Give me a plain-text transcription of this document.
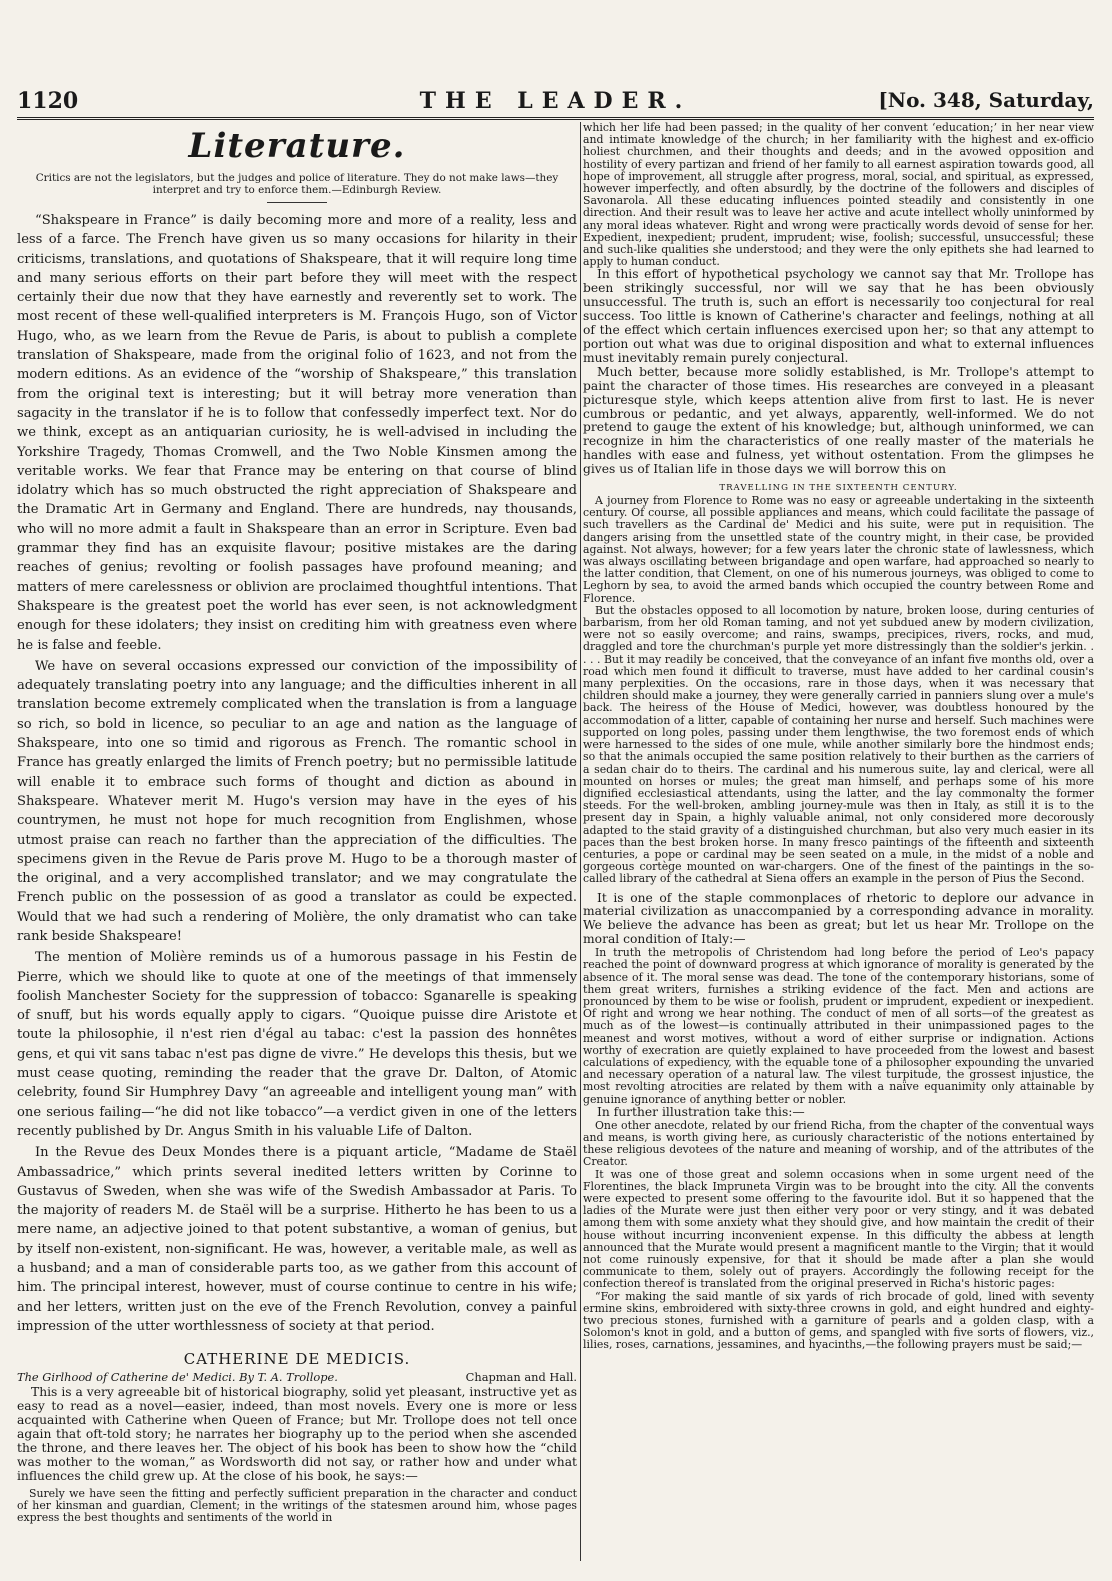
1120	THE LEADER.	[No. 348, Saturday,
Literature.
Critics are not the legislators, but the judges and police of literature. They do not make laws—they interpret and try to enforce them.—Edinburgh Review.

“Shakspeare in France” is daily becoming more and more of a reality, less and less of a farce. The French have given us so many occasions for hilarity in their criticisms, translations, and quotations of Shakspeare, that it will require long time and many serious efforts on their part before they will meet with the respect certainly their due now that they have earnestly and reverently set to work. The most recent of these well-qualified interpreters is M. François Hugo, son of Victor Hugo, who, as we learn from the Revue de Paris, is about to publish a complete translation of Shakspeare, made from the original folio of 1623, and not from the modern editions. As an evidence of the “worship of Shakspeare,” this translation from the original text is interesting; but it will betray more veneration than sagacity in the translator if he is to follow that confessedly imperfect text. Nor do we think, except as an antiquarian curiosity, he is well-advised in including the Yorkshire Tragedy, Thomas Cromwell, and the Two Noble Kinsmen among the veritable works. We fear that France may be entering on that course of blind idolatry which has so much obstructed the right appreciation of Shakspeare and the Dramatic Art in Germany and England. There are hundreds, nay thousands, who will no more admit a fault in Shakspeare than an error in Scripture. Even bad grammar they find has an exquisite flavour; positive mistakes are the daring reaches of genius; revolting or foolish passages have profound meaning; and matters of mere carelessness or oblivion are proclaimed thoughtful intentions. That Shakspeare is the greatest poet the world has ever seen, is not acknowledgment enough for these idolaters; they insist on crediting him with greatness even where he is false and feeble.

We have on several occasions expressed our conviction of the impossibility of adequately translating poetry into any language; and the difficulties inherent in all translation become extremely complicated when the translation is from a language so rich, so bold in licence, so peculiar to an age and nation as the language of Shakspeare, into one so timid and rigorous as French. The romantic school in France has greatly enlarged the limits of French poetry; but no permissible latitude will enable it to embrace such forms of thought and diction as abound in Shakspeare. Whatever merit M. Hugo's version may have in the eyes of his countrymen, he must not hope for much recognition from Englishmen, whose utmost praise can reach no farther than the appreciation of the difficulties. The specimens given in the Revue de Paris prove M. Hugo to be a thorough master of the original, and a very accomplished translator; and we may congratulate the French public on the possession of as good a translator as could be expected. Would that we had such a rendering of Molière, the only dramatist who can take rank beside Shakspeare!

The mention of Molière reminds us of a humorous passage in his Festin de Pierre, which we should like to quote at one of the meetings of that immensely foolish Manchester Society for the suppression of tobacco: Sganarelle is speaking of snuff, but his words equally apply to cigars. “Quoique puisse dire Aristote et toute la philosophie, il n'est rien d'égal au tabac: c'est la passion des honnêtes gens, et qui vit sans tabac n'est pas digne de vivre.” He develops this thesis, but we must cease quoting, reminding the reader that the grave Dr. Dalton, of Atomic celebrity, found Sir Humphrey Davy “an agreeable and intelligent young man” with one serious failing—“he did not like tobacco”—a verdict given in one of the letters recently published by Dr. Angus Smith in his valuable Life of Dalton.

In the Revue des Deux Mondes there is a piquant article, “Madame de Staël Ambassadrice,” which prints several inedited letters written by Corinne to Gustavus of Sweden, when she was wife of the Swedish Ambassador at Paris. To the majority of readers M. de Staël will be a surprise. Hitherto he has been to us a mere name, an adjective joined to that potent substantive, a woman of genius, but by itself non-existent, non-significant. He was, however, a veritable male, as well as a husband; and a man of considerable parts too, as we gather from this account of him. The principal interest, however, must of course continue to centre in his wife; and her letters, written just on the eve of the French Revolution, convey a painful impression of the utter worthlessness of society at that period.

CATHERINE DE MEDICIS.
The Girlhood of Catherine de' Medici. By T. A. Trollope.	Chapman and Hall.

This is a very agreeable bit of historical biography, solid yet pleasant, instructive yet as easy to read as a novel—easier, indeed, than most novels. Every one is more or less acquainted with Catherine when Queen of France; but Mr. Trollope does not tell once again that oft-told story; he narrates her biography up to the period when she ascended the throne, and there leaves her. The object of his book has been to show how the “child was mother to the woman,” as Wordsworth did not say, or rather how and under what influences the child grew up. At the close of his book, he says:—

Surely we have seen the fitting and perfectly sufficient preparation in the character and conduct of her kinsman and guardian, Clement; in the writings of the statesmen around him, whose pages express the best thoughts and sentiments of the world in

which her life had been passed; in the quality of her convent ‘education;’ in her near view and intimate knowledge of the church; in her familiarity with the highest and ex-officio holiest churchmen, and their thoughts and deeds; and in the avowed opposition and hostility of every partizan and friend of her family to all earnest aspiration towards good, all hope of improvement, all struggle after progress, moral, social, and spiritual, as expressed, however imperfectly, and often absurdly, by the doctrine of the followers and disciples of Savonarola. All these educating influences pointed steadily and consistently in one direction. And their result was to leave her active and acute intellect wholly uninformed by any moral ideas whatever. Right and wrong were practically words devoid of sense for her. Expedient, inexpedient; prudent, imprudent; wise, foolish; successful, unsuccessful; these and such-like qualities she understood; and they were the only epithets she had learned to apply to human conduct.

In this effort of hypothetical psychology we cannot say that Mr. Trollope has been strikingly successful, nor will we say that he has been obviously unsuccessful. The truth is, such an effort is necessarily too conjectural for real success. Too little is known of Catherine's character and feelings, nothing at all of the effect which certain influences exercised upon her; so that any attempt to portion out what was due to original disposition and what to external influences must inevitably remain purely conjectural.

Much better, because more solidly established, is Mr. Trollope's attempt to paint the character of those times. His researches are conveyed in a pleasant picturesque style, which keeps attention alive from first to last. He is never cumbrous or pedantic, and yet always, apparently, well-informed. We do not pretend to gauge the extent of his knowledge; but, although uninformed, we can recognize in him the characteristics of one really master of the materials he handles with ease and fulness, yet without ostentation. From the glimpses he gives us of Italian life in those days we will borrow this on

TRAVELLING IN THE SIXTEENTH CENTURY.

A journey from Florence to Rome was no easy or agreeable undertaking in the sixteenth century. Of course, all possible appliances and means, which could facilitate the passage of such travellers as the Cardinal de' Medici and his suite, were put in requisition. The dangers arising from the unsettled state of the country might, in their case, be provided against. Not always, however; for a few years later the chronic state of lawlessness, which was always oscillating between brigandage and open warfare, had approached so nearly to the latter condition, that Clement, on one of his numerous journeys, was obliged to come to Leghorn by sea, to avoid the armed bands which occupied the country between Rome and Florence.

But the obstacles opposed to all locomotion by nature, broken loose, during centuries of barbarism, from her old Roman taming, and not yet subdued anew by modern civilization, were not so easily overcome; and rains, swamps, precipices, rivers, rocks, and mud, draggled and tore the churchman's purple yet more distressingly than the soldier's jerkin. . . . . But it may readily be conceived, that the conveyance of an infant five months old, over a road which men found it difficult to traverse, must have added to her cardinal cousin's many perplexities. On the occasions, rare in those days, when it was necessary that children should make a journey, they were generally carried in panniers slung over a mule's back. The heiress of the House of Medici, however, was doubtless honoured by the accommodation of a litter, capable of containing her nurse and herself. Such machines were supported on long poles, passing under them lengthwise, the two foremost ends of which were harnessed to the sides of one mule, while another similarly bore the hindmost ends; so that the animals occupied the same position relatively to their burthen as the carriers of a sedan chair do to theirs. The cardinal and his numerous suite, lay and clerical, were all mounted on horses or mules; the great man himself, and perhaps some of his more dignified ecclesiastical attendants, using the latter, and the lay commonalty the former steeds. For the well-broken, ambling journey-mule was then in Italy, as still it is to the present day in Spain, a highly valuable animal, not only considered more decorously adapted to the staid gravity of a distinguished churchman, but also very much easier in its paces than the best broken horse. In many fresco paintings of the fifteenth and sixteenth centuries, a pope or cardinal may be seen seated on a mule, in the midst of a noble and gorgeous cortège mounted on war-chargers. One of the finest of the paintings in the so-called library of the cathedral at Siena offers an example in the person of Pius the Second.

It is one of the staple commonplaces of rhetoric to deplore our advance in material civilization as unaccompanied by a corresponding advance in morality. We believe the advance has been as great; but let us hear Mr. Trollope on the moral condition of Italy:—

In truth the metropolis of Christendom had long before the period of Leo's papacy reached the point of downward progress at which ignorance of morality is generated by the absence of it. The moral sense was dead. The tone of the contemporary historians, some of them great writers, furnishes a striking evidence of the fact. Men and actions are pronounced by them to be wise or foolish, prudent or imprudent, expedient or inexpedient. Of right and wrong we hear nothing. The conduct of men of all sorts—of the greatest as much as of the lowest—is continually attributed in their unimpassioned pages to the meanest and worst motives, without a word of either surprise or indignation. Actions worthy of execration are quietly explained to have proceeded from the lowest and basest calculations of expediency, with the equable tone of a philosopher expounding the unvaried and necessary operation of a natural law. The vilest turpitude, the grossest injustice, the most revolting atrocities are related by them with a naïve equanimity only attainable by genuine ignorance of anything better or nobler.

In further illustration take this:—

One other anecdote, related by our friend Richa, from the chapter of the conventual ways and means, is worth giving here, as curiously characteristic of the notions entertained by these religious devotees of the nature and meaning of worship, and of the attributes of the Creator.

It was one of those great and solemn occasions when in some urgent need of the Florentines, the black Impruneta Virgin was to be brought into the city. All the convents were expected to present some offering to the favourite idol. But it so happened that the ladies of the Murate were just then either very poor or very stingy, and it was debated among them with some anxiety what they should give, and how maintain the credit of their house without incurring inconvenient expense. In this difficulty the abbess at length announced that the Murate would present a magnificent mantle to the Virgin; that it would not come ruinously expensive, for that it should be made after a plan she would communicate to them, solely out of prayers. Accordingly the following receipt for the confection thereof is translated from the original preserved in Richa's historic pages:

“For making the said mantle of six yards of rich brocade of gold, lined with seventy ermine skins, embroidered with sixty-three crowns in gold, and eight hundred and eighty-two precious stones, furnished with a garniture of pearls and a golden clasp, with a Solomon's knot in gold, and a button of gems, and spangled with five sorts of flowers, viz., lilies, roses, carnations, jessamines, and hyacinths,—the following prayers must be said;—
